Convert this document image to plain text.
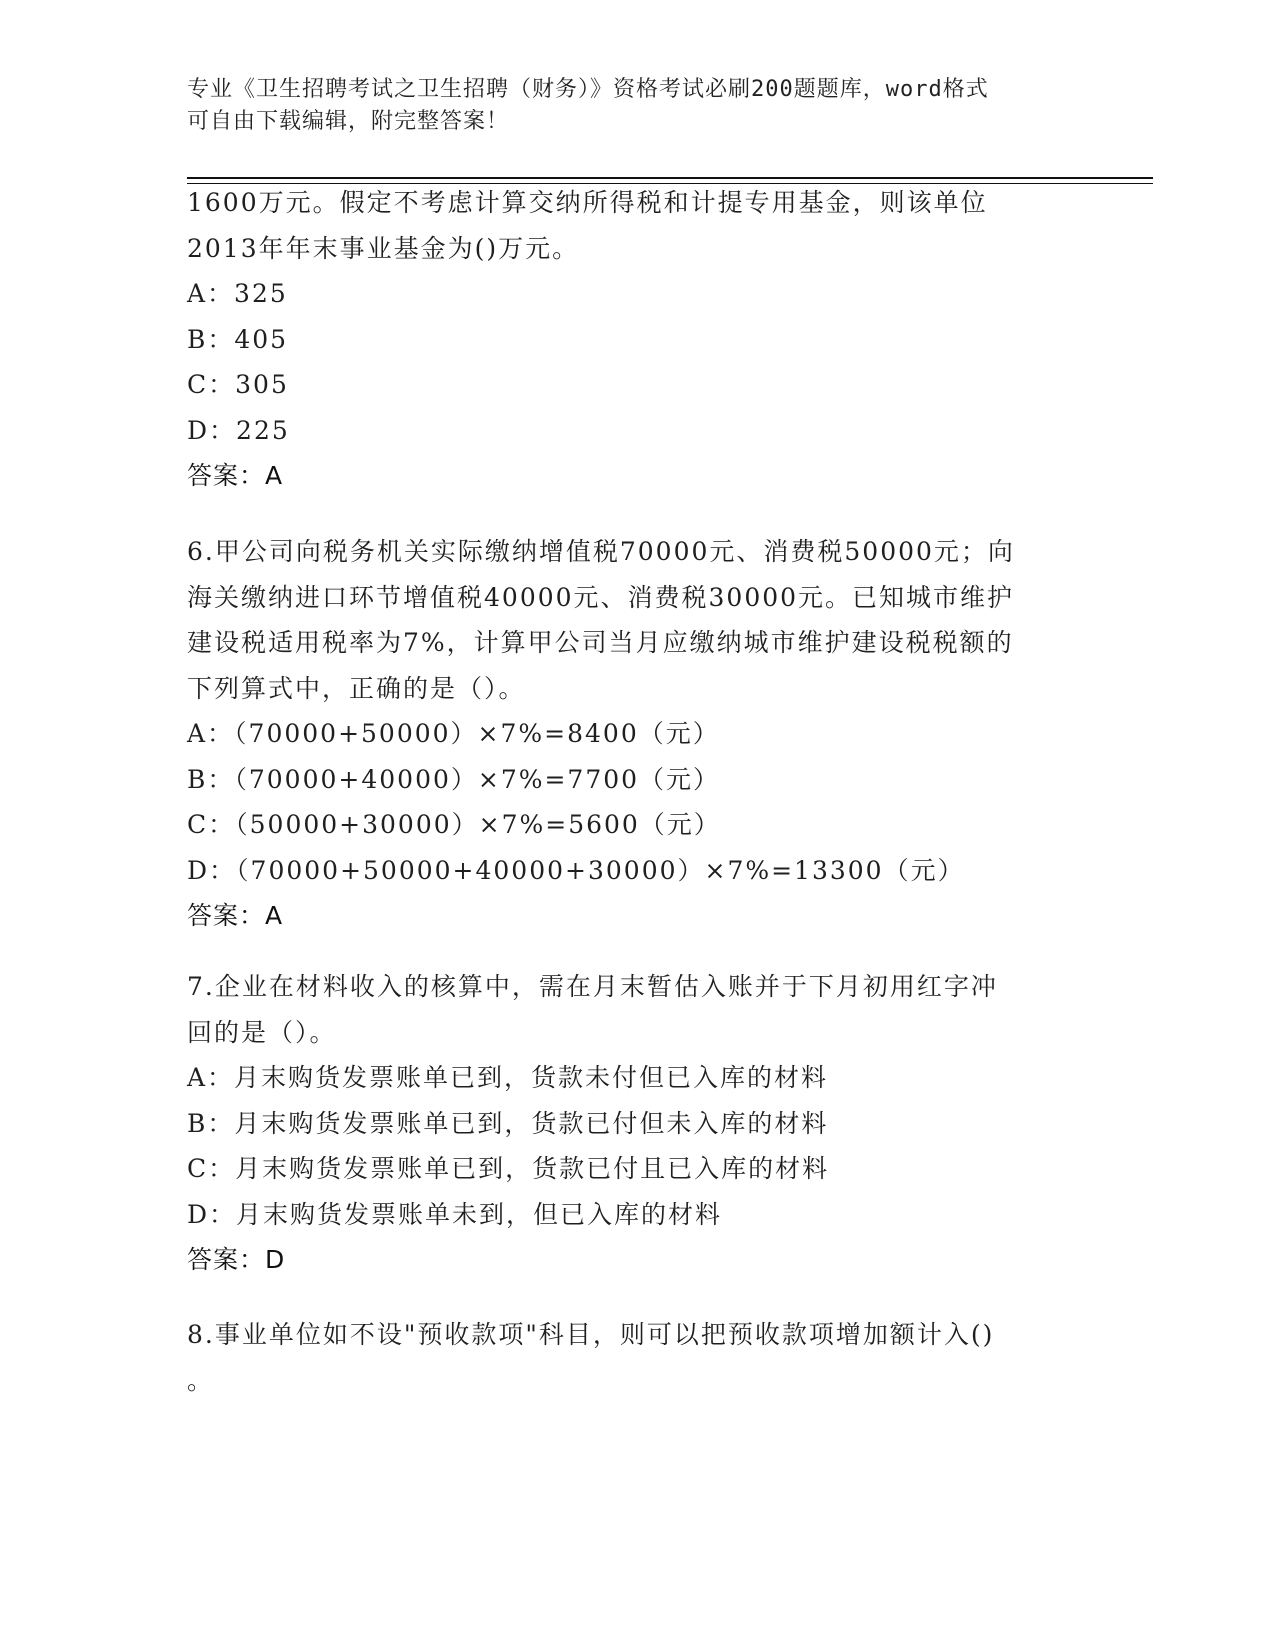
专业《卫生招聘考试之卫生招聘（财务）》资格考试必刷200题题库，word格式
可自由下载编辑，附完整答案！
1600万元。假定不考虑计算交纳所得税和计提专用基金，则该单位
2013年年末事业基金为()万元。
A：325
B：405
C：305
D：225
答案：A
6.甲公司向税务机关实际缴纳增值税70000元、消费税50000元；向
海关缴纳进口环节增值税40000元、消费税30000元。已知城市维护
建设税适用税率为7%，计算甲公司当月应缴纳城市维护建设税税额的
下列算式中，正确的是（）。
A：（70000+50000）×7%=8400（元）
B：（70000+40000）×7%=7700（元）
C：（50000+30000）×7%=5600（元）
D：（70000+50000+40000+30000）×7%=13300（元）
答案：A
7.企业在材料收入的核算中，需在月末暂估入账并于下月初用红字冲
回的是（）。
A：月末购货发票账单已到，货款未付但已入库的材料
B：月末购货发票账单已到，货款已付但未入库的材料
C：月末购货发票账单已到，货款已付且已入库的材料
D：月末购货发票账单未到，但已入库的材料
答案：D
8.事业单位如不设"预收款项"科目，则可以把预收款项增加额计入()
。
